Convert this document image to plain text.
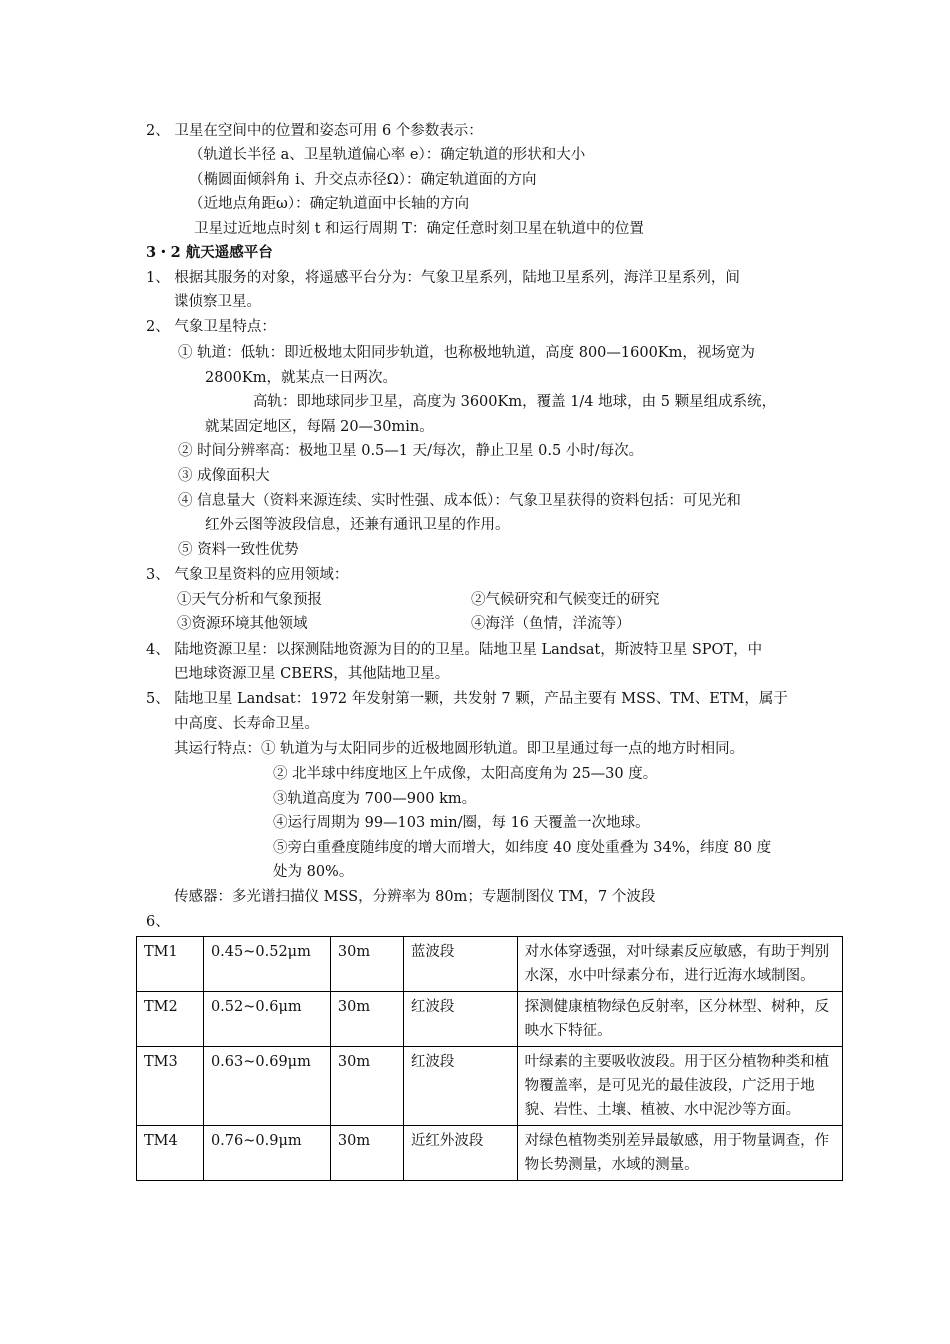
2、 卫星在空间中的位置和姿态可用 6 个参数表示：
（轨道长半径 a、卫星轨道偏心率 e）：确定轨道的形状和大小
（椭圆面倾斜角 i、升交点赤径Ω）：确定轨道面的方向
（近地点角距ω）：确定轨道面中长轴的方向
卫星过近地点时刻 t 和运行周期 T：确定任意时刻卫星在轨道中的位置
3・2 航天遥感平台
1、 根据其服务的对象，将遥感平台分为：气象卫星系列，陆地卫星系列，海洋卫星系列，间
谍侦察卫星。
2、 气象卫星特点：
① 轨道：低轨：即近极地太阳同步轨道，也称极地轨道，高度 800—1600Km，视场宽为
2800Km，就某点一日两次。
高轨：即地球同步卫星，高度为 3600Km，覆盖 1/4 地球，由 5 颗星组成系统，
就某固定地区，每隔 20—30min。
② 时间分辨率高：极地卫星 0.5—1 天/每次，静止卫星 0.5 小时/每次。
③ 成像面积大
④ 信息量大（资料来源连续、实时性强、成本低）：气象卫星获得的资料包括：可见光和
红外云图等波段信息，还兼有通讯卫星的作用。
⑤ 资料一致性优势
3、 气象卫星资料的应用领域：
①天气分析和气象预报	②气候研究和气候变迁的研究
③资源环境其他领域	④海洋（鱼情，洋流等）
4、 陆地资源卫星：以探测陆地资源为目的的卫星。陆地卫星 Landsat，斯波特卫星 SPOT，中
巴地球资源卫星 CBERS，其他陆地卫星。
5、 陆地卫星 Landsat：1972 年发射第一颗，共发射 7 颗，产品主要有 MSS、TM、ETM，属于
中高度、长寿命卫星。
其运行特点：① 轨道为与太阳同步的近极地圆形轨道。即卫星通过每一点的地方时相同。
② 北半球中纬度地区上午成像，太阳高度角为 25—30 度。
③轨道高度为 700—900 km。
④运行周期为 99—103 min/圈，每 16 天覆盖一次地球。
⑤旁白重叠度随纬度的增大而增大，如纬度 40 度处重叠为 34%，纬度 80 度
处为 80%。
传感器：多光谱扫描仪 MSS，分辨率为 80m；专题制图仪 TM，7 个波段
6、
TM1	0.45~0.52μm	30m	蓝波段	对水体穿透强，对叶绿素反应敏感，有助于判别水深，水中叶绿素分布，进行近海水域制图。
TM2	0.52~0.6μm	30m	红波段	探测健康植物绿色反射率，区分林型、树种，反映水下特征。
TM3	0.63~0.69μm	30m	红波段	叶绿素的主要吸收波段。用于区分植物种类和植物覆盖率，是可见光的最佳波段，广泛用于地貌、岩性、土壤、植被、水中泥沙等方面。
TM4	0.76~0.9μm	30m	近红外波段	对绿色植物类别差异最敏感，用于物量调查，作物长势测量，水域的测量。
